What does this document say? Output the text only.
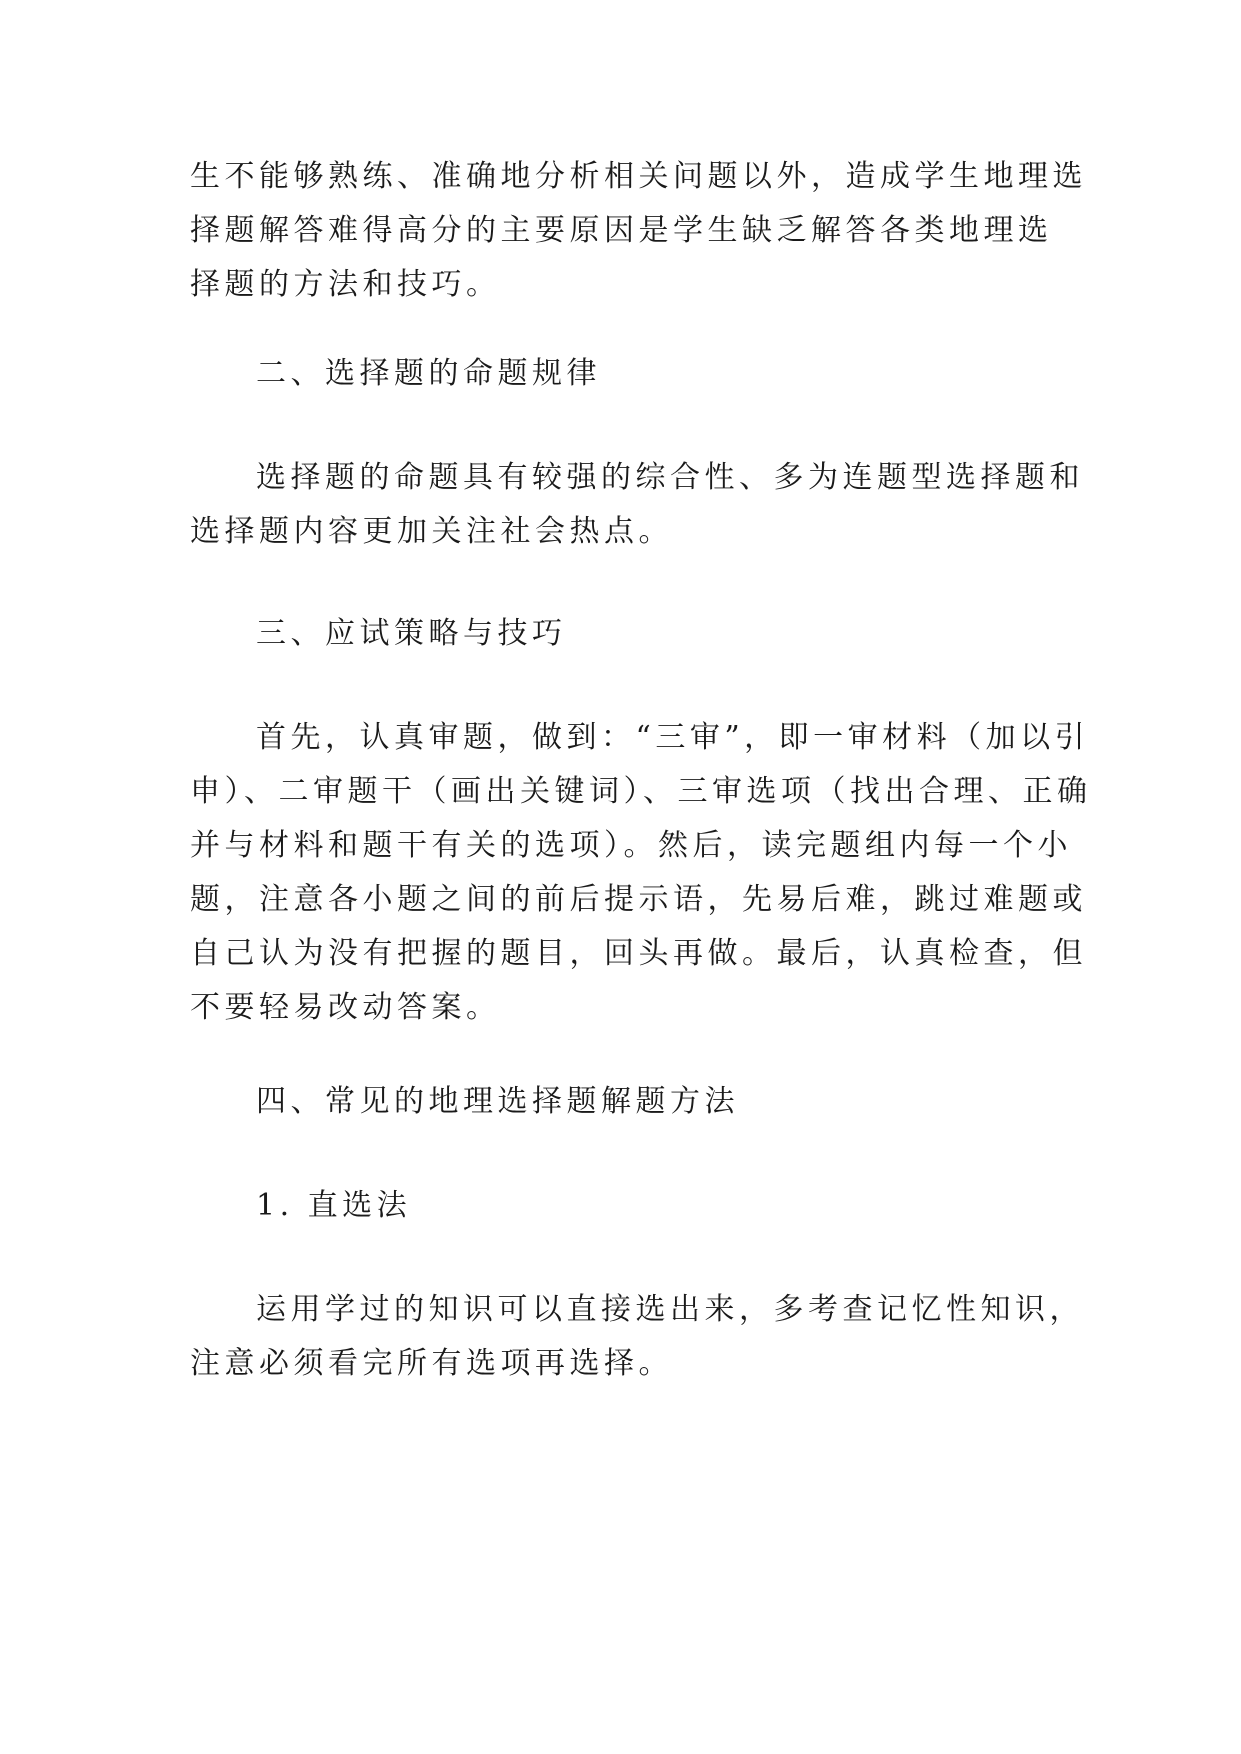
生不能够熟练、准确地分析相关问题以外，造成学生地理选
择题解答难得高分的主要原因是学生缺乏解答各类地理选
择题的方法和技巧。
二、选择题的命题规律
选择题的命题具有较强的综合性、多为连题型选择题和
选择题内容更加关注社会热点。
三、应试策略与技巧
首先，认真审题，做到：“三审”，即一审材料（加以引
申）、二审题干（画出关键词）、三审选项（找出合理、正确
并与材料和题干有关的选项）。然后，读完题组内每一个小
题，注意各小题之间的前后提示语，先易后难，跳过难题或
自己认为没有把握的题目，回头再做。最后，认真检查，但
不要轻易改动答案。
四、常见的地理选择题解题方法
1. 直选法
运用学过的知识可以直接选出来，多考查记忆性知识，
注意必须看完所有选项再选择。
